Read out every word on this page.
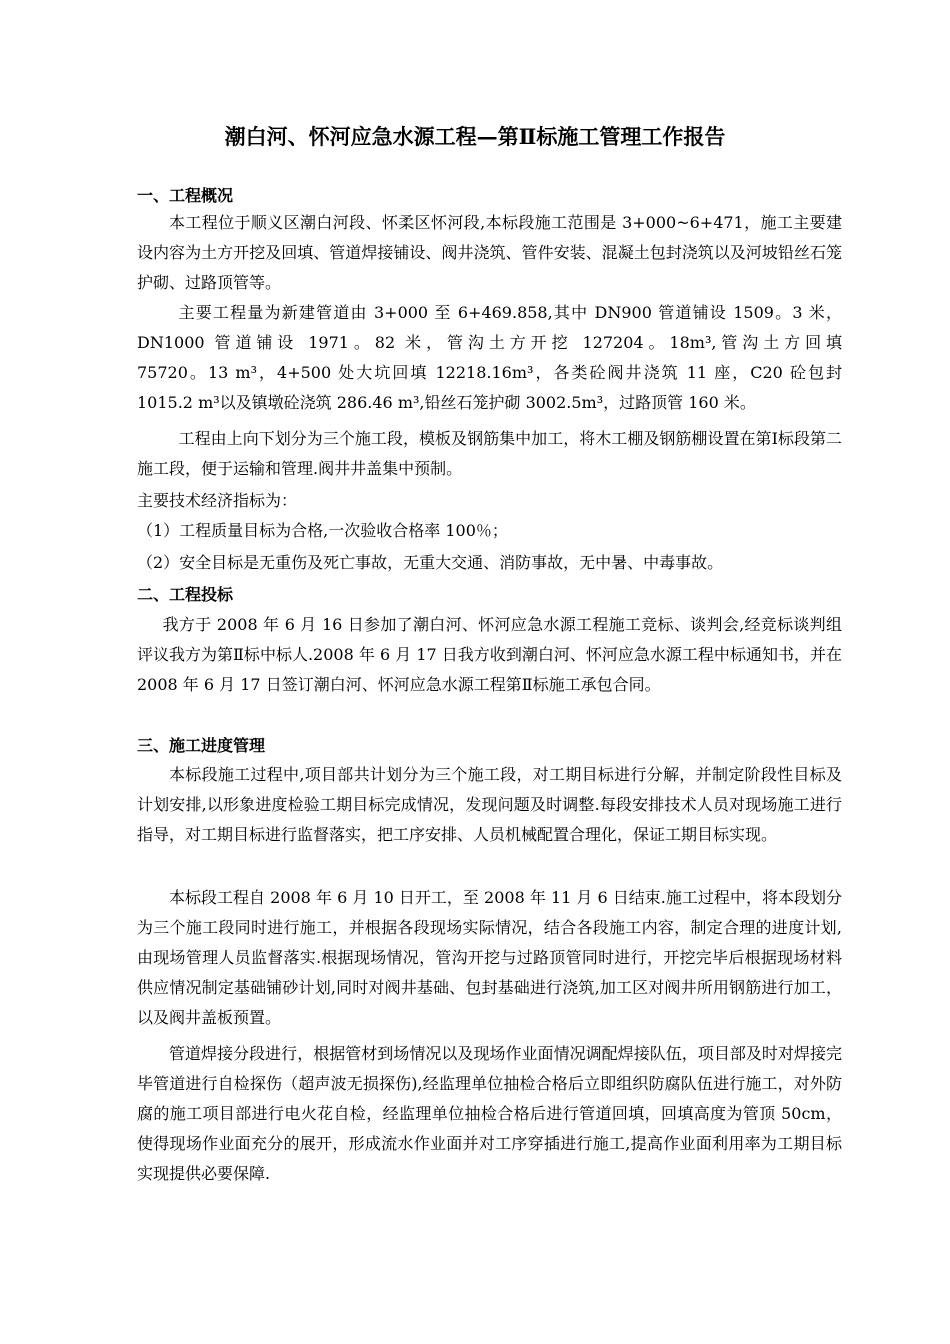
潮白河、怀河应急水源工程—第Ⅱ标施工管理工作报告
一、工程概况

本工程位于顺义区潮白河段、怀柔区怀河段,本标段施工范围是 3+000~6+471，施工主要建设内容为土方开挖及回填、管道焊接铺设、阀井浇筑、管件安装、混凝土包封浇筑以及河坡铅丝石笼护砌、过路顶管等。

主要工程量为新建管道由 3+000 至 6+469.858,其中 DN900 管道铺设 1509。3 米，
DN1000 管道铺设 1971。82 米，管沟土方开挖 127204。18m³,管沟土方回填
75720。13 m³，4+500 处大坑回填 12218.16m³，各类砼阀井浇筑 11 座，C20 砼包封
1015.2 m³以及镇墩砼浇筑 286.46 m³,铅丝石笼护砌 3002.5m³，过路顶管 160 米。

工程由上向下划分为三个施工段，模板及钢筋集中加工，将木工棚及钢筋棚设置在第Ⅰ标段第二施工段，便于运输和管理.阀井井盖集中预制。

主要技术经济指标为：

（1）工程质量目标为合格,一次验收合格率 100％；

（2）安全目标是无重伤及死亡事故，无重大交通、消防事故，无中暑、中毒事故。

二、工程投标

我方于 2008 年 6 月 16 日参加了潮白河、怀河应急水源工程施工竞标、谈判会,经竞标谈判组评议我方为第Ⅱ标中标人.2008 年 6 月 17 日我方收到潮白河、怀河应急水源工程中标通知书，并在 2008 年 6 月 17 日签订潮白河、怀河应急水源工程第Ⅱ标施工承包合同。

三、施工进度管理

本标段施工过程中,项目部共计划分为三个施工段，对工期目标进行分解，并制定阶段性目标及计划安排,以形象进度检验工期目标完成情况，发现问题及时调整.每段安排技术人员对现场施工进行指导，对工期目标进行监督落实，把工序安排、人员机械配置合理化，保证工期目标实现。

本标段工程自 2008 年 6 月 10 日开工，至 2008 年 11 月 6 日结束.施工过程中，将本段划分为三个施工段同时进行施工，并根据各段现场实际情况，结合各段施工内容，制定合理的进度计划,由现场管理人员监督落实.根据现场情况，管沟开挖与过路顶管同时进行，开挖完毕后根据现场材料供应情况制定基础铺砂计划,同时对阀井基础、包封基础进行浇筑,加工区对阀井所用钢筋进行加工，以及阀井盖板预置。

管道焊接分段进行，根据管材到场情况以及现场作业面情况调配焊接队伍，项目部及时对焊接完毕管道进行自检探伤（超声波无损探伤),经监理单位抽检合格后立即组织防腐队伍进行施工，对外防腐的施工项目部进行电火花自检，经监理单位抽检合格后进行管道回填，回填高度为管顶 50cm，使得现场作业面充分的展开，形成流水作业面并对工序穿插进行施工,提高作业面利用率为工期目标实现提供必要保障.
